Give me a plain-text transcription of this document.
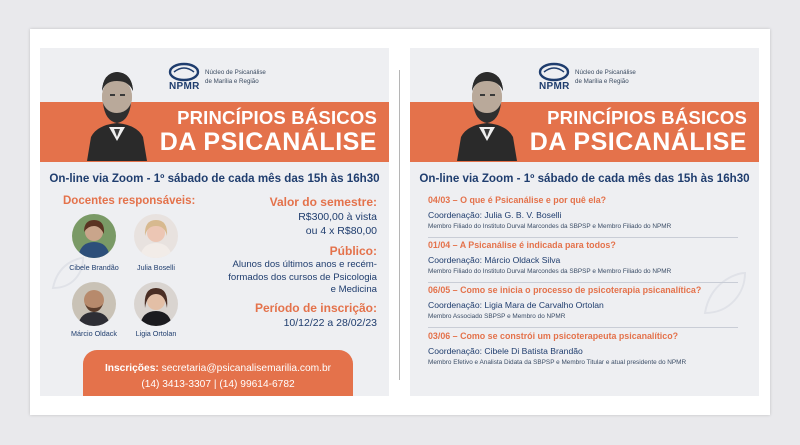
NPMR
Núcleo de Psicanálise
de Marília e Região
PRINCÍPIOS BÁSICOS
DA PSICANÁLISE
On-line via Zoom - 1º sábado de cada mês das 15h às 16h30
Docentes responsáveis:
Cibele Brandão	Julia Boselli
Márcio Oldack	Ligia Ortolan
Valor do semestre:
R$300,00 à vista
ou 4 x R$80,00
Público:
Alunos dos últimos anos e recém-formados dos cursos de Psicologia e Medicina
Período de inscrição:
10/12/22 a 28/02/23
Inscrições: secretaria@psicanalisemarilia.com.br
(14) 3413-3307 | (14) 99614-6782
NPMR
Núcleo de Psicanálise
de Marília e Região
PRINCÍPIOS BÁSICOS
DA PSICANÁLISE
On-line via Zoom - 1º sábado de cada mês das 15h às 16h30
04/03 – O que é Psicanálise e por quê ela?
Coordenação: Julia G. B. V. Boselli
Membro Filiado do Instituto Durval Marcondes da SBPSP e Membro Filiado do NPMR
01/04 – A Psicanálise é indicada para todos?
Coordenação: Márcio Oldack Silva
Membro Filiado do Instituto Durval Marcondes da SBPSP e Membro Filiado do NPMR
06/05 – Como se inicia o processo de psicoterapia psicanalítica?
Coordenação: Ligia Mara de Carvalho Ortolan
Membro Associado SBPSP e Membro do NPMR
03/06 – Como se constrói um psicoterapeuta psicanalítico?
Coordenação: Cibele Di Batista Brandão
Membro Efetivo e Analista Didata da SBPSP e Membro Titular e atual presidente do NPMR
